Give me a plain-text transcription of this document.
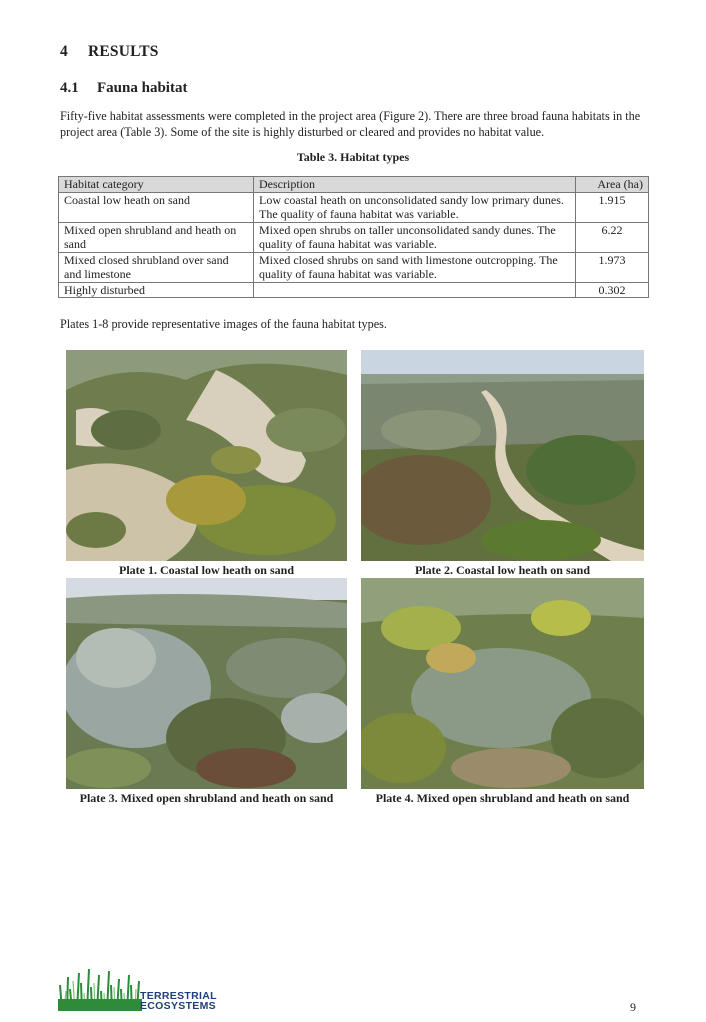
4 RESULTS
4.1 Fauna habitat
Fifty-five habitat assessments were completed in the project area (Figure 2). There are three broad fauna habitats in the project area (Table 3). Some of the site is highly disturbed or cleared and provides no habitat value.
Table 3. Habitat types
Habitat category	Description	Area (ha)
Coastal low heath on sand	Low coastal heath on unconsolidated sandy low primary dunes. The quality of fauna habitat was variable.	1.915
Mixed open shrubland and heath on sand	Mixed open shrubs on taller unconsolidated sandy dunes. The quality of fauna habitat was variable.	6.22
Mixed closed shrubland over sand and limestone	Mixed closed shrubs on sand with limestone outcropping. The quality of fauna habitat was variable.	1.973
Highly disturbed		0.302
Plates 1-8 provide representative images of the fauna habitat types.
Plate 1. Coastal low heath on sand	Plate 2. Coastal low heath on sand
Plate 3. Mixed open shrubland and heath on sand	Plate 4. Mixed open shrubland and heath on sand
TERRESTRIAL
ECOSYSTEMS	9
